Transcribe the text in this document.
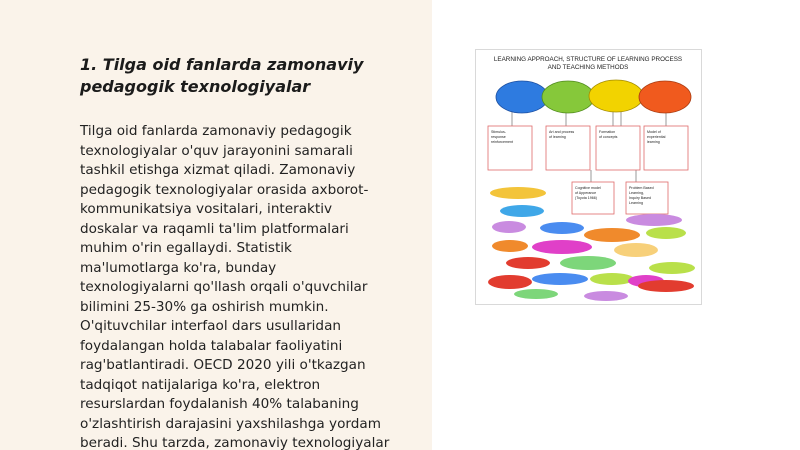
1. Tilga oid fanlarda zamonaviy
pedagogik texnologiyalar
Tilga oid fanlarda zamonaviy pedagogik
texnologiyalar o'quv jarayonini samarali
tashkil etishga xizmat qiladi. Zamonaviy
pedagogik texnologiyalar orasida axborot-
kommunikatsiya vositalari, interaktiv
doskalar va raqamli ta'lim platformalari
muhim o'rin egallaydi. Statistik
ma'lumotlarga ko'ra, bunday
texnologiyalarni qo'llash orqali o'quvchilar
bilimini 25-30% ga oshirish mumkin.
O'qituvchilar interfaol dars usullaridan
foydalangan holda talabalar faoliyatini
rag'batlantiradi. OECD 2020 yili o'tkazgan
tadqiqot natijalariga ko'ra, elektron
resurslardan foydalanish 40% talabaning
o'zlashtirish darajasini yaxshilashga yordam
beradi. Shu tarzda, zamonaviy texnologiyalar
LEARNING APPROACH, STRUCTURE OF LEARNING PROCESS
AND TEACHING METHODS
Stimulus- response reinforcement
Art and process of learning
Formation of concepts
Model of experiential learning
Cognitive model of Apperance (Toyota 1966)
Problem Based Learning, Inquiry Based Learning
